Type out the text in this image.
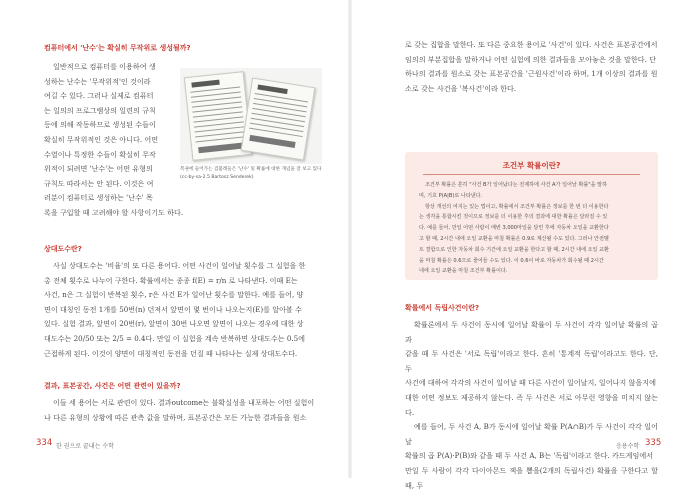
컴퓨터에서 '난수'는 확실히 무작위로 생성될까?
일반적으로 컴퓨터를 이용하여 생
성하는 난수는 '무작위적'인 것이라
여길 수 있다. 그러나 실제로 컴퓨터
는 일의의 프로그램상의 일련의 규칙
등에 의해 작동하므로 생성된 수들이
확실히 무작위적인 것은 아니다. 어떤
수열이나 특정한 수들이 확실히 무작
위적이 되려면 '난수'는 어떤 유형의
규칙도 따라서는 안 된다. 이것은 여
러분이 컴퓨터로 생성하는 '난수' 목
록을 구입할 때 고려해야 할 사항이기도 하다.

복권에 들어가는 검불레들은 '난수' 및 확률에 대한 개념을 잘 보고 있다 (cc-by-sa-2.5 Bartosz Senderek)

상대도수란?
사실 상대도수는 '비율'의 또 다른 용어다. 어떤 사건이 일어날 횟수를 그 실험을 한
총 전체 횟수로 나누어 구한다. 확률에서는 종종 f(E) = r/n 로 나타낸다. 이때 E는
사건, n은 그 실험이 반복된 횟수, r은 사건 E가 일어난 횟수를 말한다. 예를 들어, 양
면이 대칭인 동전 1개를 50번(n) 던져서 앞면이 몇 번이나 나오는지(E)를 알아볼 수
있다. 실험 결과, 앞면이 20번(r), 앞면이 30번 나오면 앞면이 나오는 경우에 대한 상
대도수는 20/50 또는 2/5 = 0.4다. 만일 이 실험을 계속 반복하면 상대도수는 0.5에
근접하게 된다. 이것이 양면이 대칭적인 동전을 던질 때 나타나는 실제 상대도수다.
결과, 표본공간, 사건은 어떤 관련이 있을까?
이들 세 용어는 서로 관련이 있다. 결과outcome는 불확실성을 내포하는 어떤 실험이
나 다른 유형의 상황에 따른 관측 값을 말하며, 표본공간은 모든 가능한 결과들을 원소
334 한 권으로 끝내는 수학
로 갖는 집합을 말한다. 또 다른 중요한 용어로 '사건'이 있다. 사건은 표본공간에서
임의의 부분집합을 말하거나 어떤 실험에 의한 결과들을 모아놓은 것을 말한다. 단
하나의 결과를 원소로 갖는 표본공간을 '근원사건'이라 하며, 1개 이상의 결과를 원
소로 갖는 사건을 '복사건'이라 한다.
조건부 확률이란?
조건부 확률은 흔히 "사건 B가 일어났다는 전제하에 사건 A가 일어날 확률"을 말하
며, 기호 P(A|B)로 나타낸다.
항상 개선의 여지는 있는 법이고, 확률에서 조건부 확률은 정보를 한 번 더 이용한다
는 생각을 통합시킨 것이므로 정보를 더 이용한 후의 결과에 대한 확률은 달라질 수 있
다. 예를 들어, 만일 어떤 사람이 매번 3,000마일을 달린 후에 자동차 오일을 교환한다
고 할 때, 2시간 내에 오일 교환을 마칠 확률은 0.9로 계산될 수도 있다. 그러나 안전벨
트 결함으로 인한 자동차 회수 기간에 오일 교환을 한다고 할 때, 2시간 내에 오일 교환
을 마칠 확률은 0.6으로 줄어들 수도 있다. 이 0.6이 바로 자동차가 회수될 때 2시간
내에 오일 교환을 마칠 조건부 확률이다.
확률에서 독립사건이란?
확률론에서 두 사건이 동시에 일어날 확률이 두 사건이 각각 일어날 확률의 곱과
같을 때 두 사건은 '서로 독립'이라고 한다. 흔히 '통계적 독립'이라고도 한다. 단, 두
사건에 대하여 각각의 사건이 일어날 때 다른 사건이 일어날지, 일어나지 않을지에
대한 어떤 정보도 제공하지 않는다. 즉 두 사건은 서로 아무런 영향을 미치지 않는다.
예를 들어, 두 사건 A, B가 동시에 일어날 확률 P(A∩B)가 두 사건이 각각 일어날
확률의 곱 P(A)·P(B)와 같을 때 두 사건 A, B는 '독립'이라고 한다. 카드게임에서
만일 두 사람이 각각 다이아몬드 잭을 뽑을(2개의 독립사건) 확률을 구한다고 할 때, 두
응용수학 335
